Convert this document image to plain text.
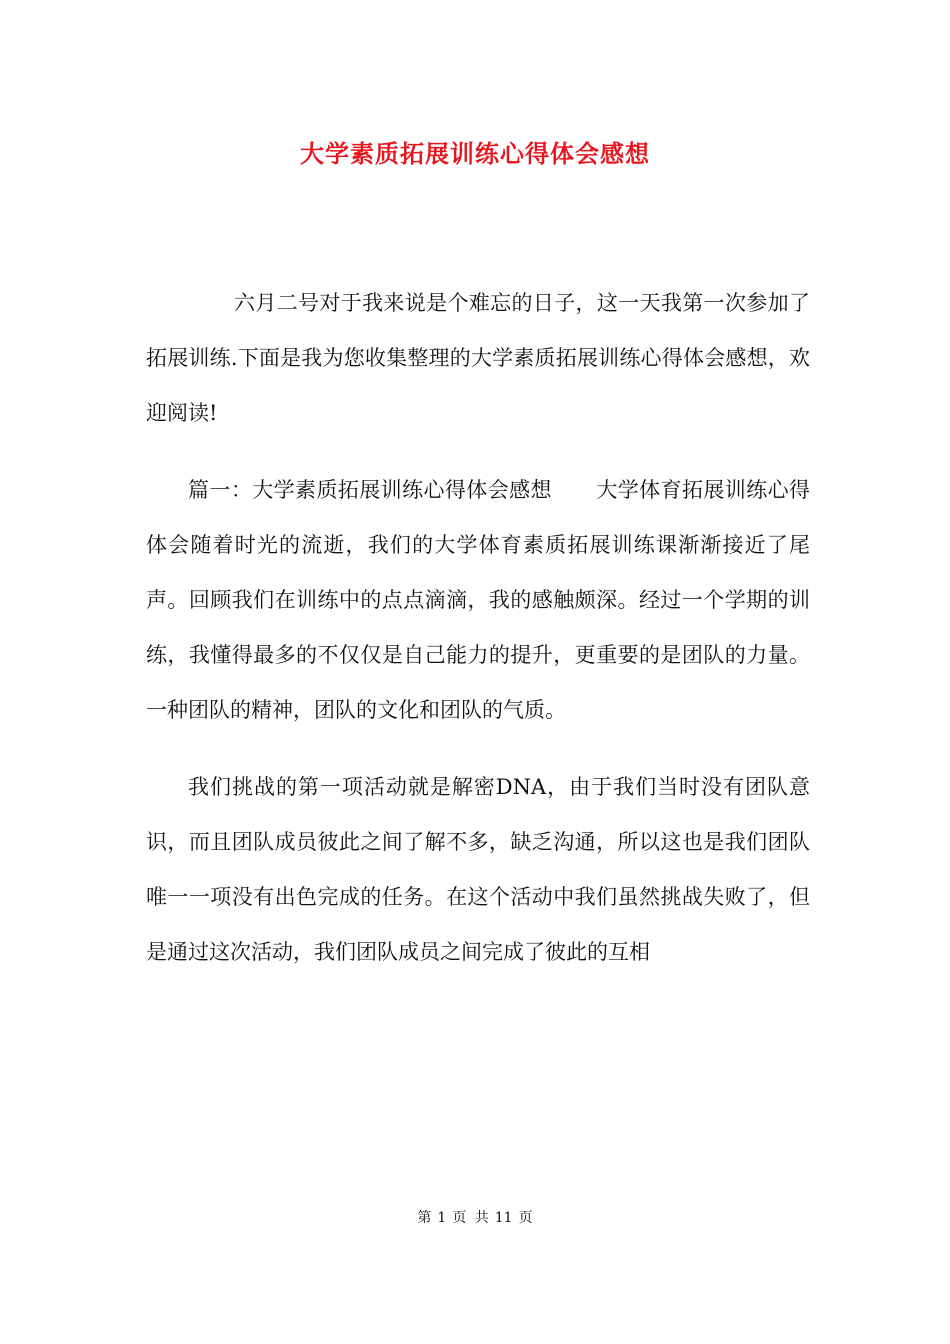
大学素质拓展训练心得体会感想

六月二号对于我来说是个难忘的日子，这一天我第一次参加了拓展训练.下面是我为您收集整理的大学素质拓展训练心得体会感想，欢迎阅读!

篇一：大学素质拓展训练心得体会感想 大学体育拓展训练心得体会随着时光的流逝，我们的大学体育素质拓展训练课渐渐接近了尾声。回顾我们在训练中的点点滴滴，我的感触颇深。经过一个学期的训练，我懂得最多的不仅仅是自己能力的提升，更重要的是团队的力量。一种团队的精神，团队的文化和团队的气质。

我们挑战的第一项活动就是解密DNA，由于我们当时没有团队意识，而且团队成员彼此之间了解不多，缺乏沟通，所以这也是我们团队唯一一项没有出色完成的任务。在这个活动中我们虽然挑战失败了，但是通过这次活动，我们团队成员之间完成了彼此的互相

第 1 页 共 11 页
